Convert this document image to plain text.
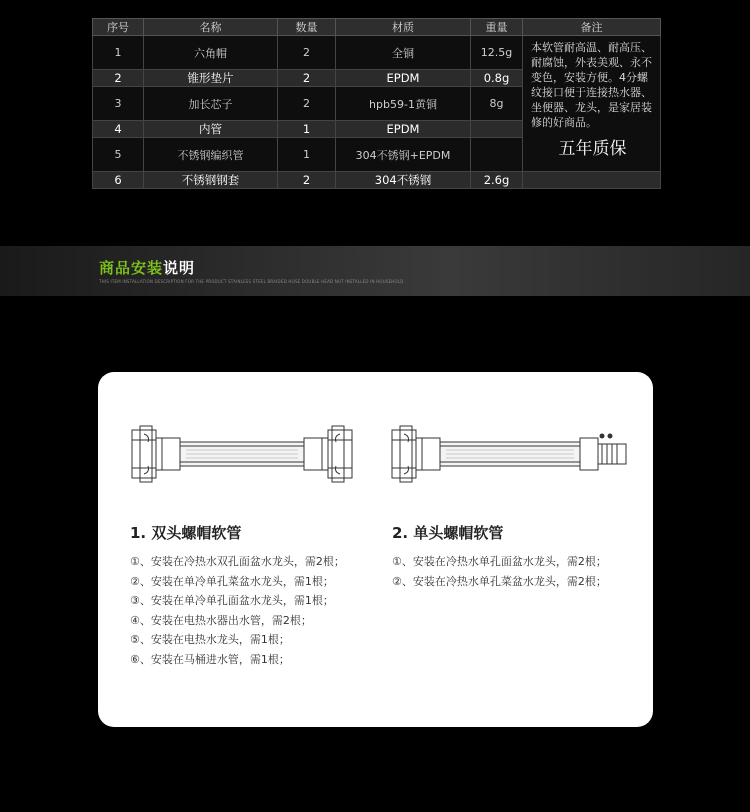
序号	名称	数量	材质	重量	备注
1	六角帽	2	全铜	12.5g	本软管耐高温、耐高压、耐腐蚀，外表美观、永不变色，安装方便。4分螺纹接口便于连接热水器、坐便器、龙头，是家居装修的好商品。
五年质保

2	锥形垫片	2	EPDM	0.8g	
3	加长芯子	2	hpb59-1黄铜	8g	
4	内管	1	EPDM		
5	不锈钢编织管	1	304不锈钢+EPDM		
6	不锈钢钢套	2	304不锈钢	2.6g	
商品安装说明
THIS ITEM INSTALLATION DESCRIPTION FOR THE PRODUCT STAINLESS STEEL BRAIDED HOSE DOUBLE HEAD NUT INSTALLED IN HOUSEHOLD
1. 双头螺帽软管
①、安装在冷热水双孔面盆水龙头，需2根；
②、安装在单冷单孔菜盆水龙头，需1根；
③、安装在单冷单孔面盆水龙头，需1根；
④、安装在电热水器出水管，需2根；
⑤、安装在电热水龙头，需1根；
⑥、安装在马桶进水管，需1根；
2. 单头螺帽软管
①、安装在冷热水单孔面盆水龙头，需2根；
②、安装在冷热水单孔菜盆水龙头，需2根；
